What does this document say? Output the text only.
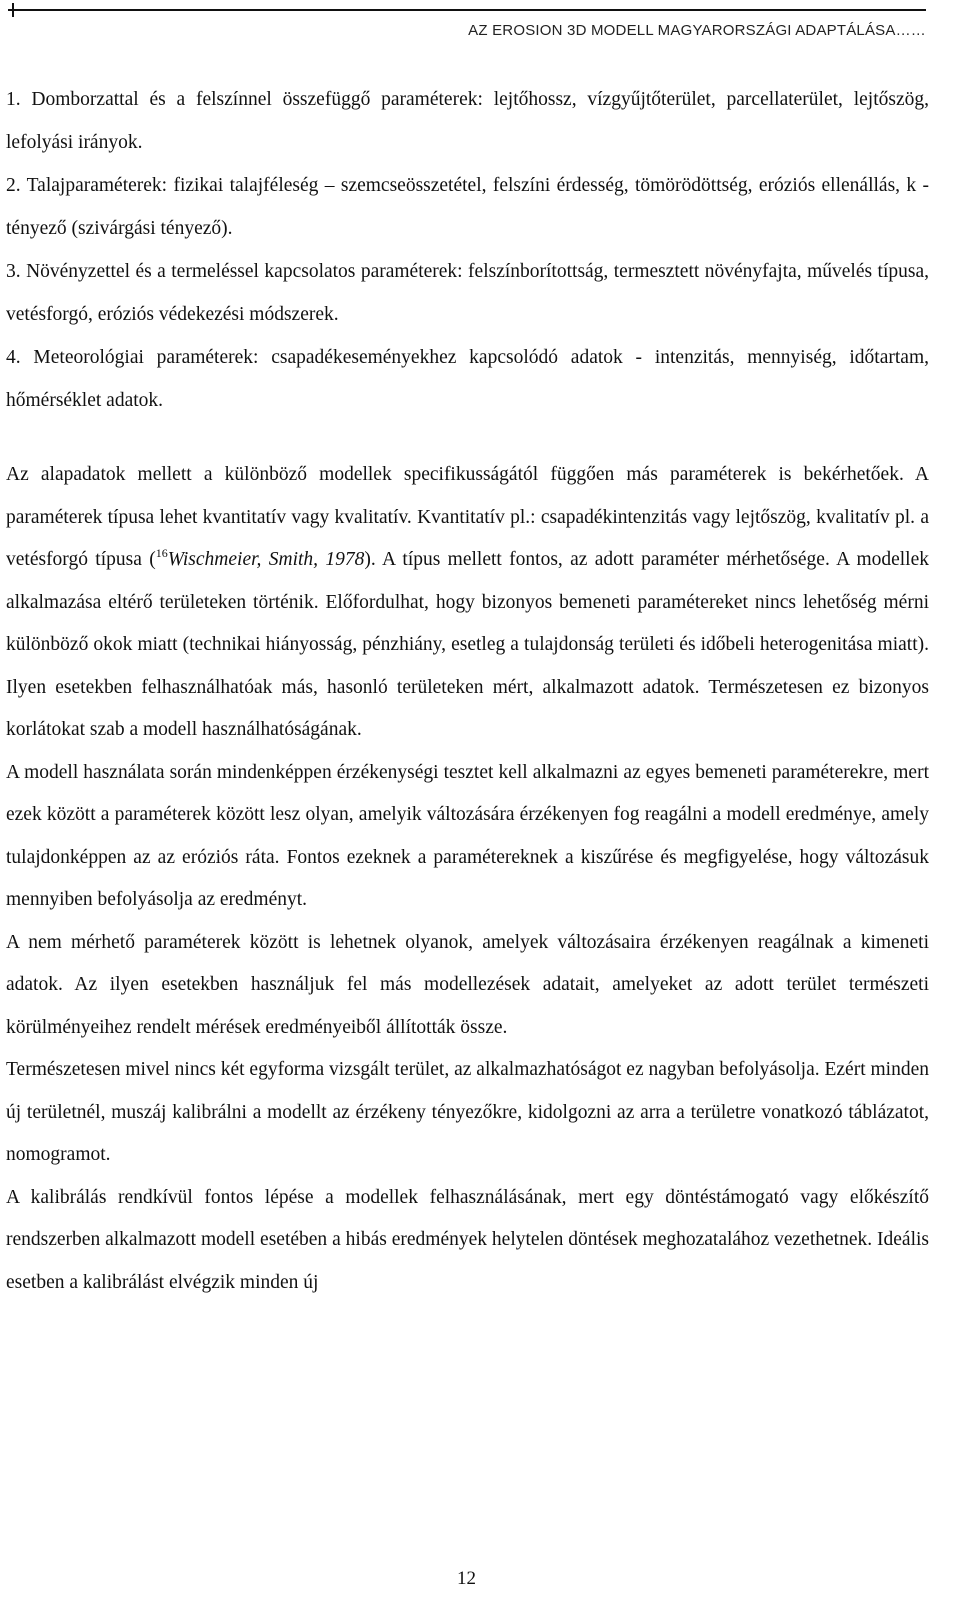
AZ EROSION 3D MODELL MAGYARORSZÁGI ADAPTÁLÁSA……

1. Domborzattal és a felszínnel összefüggő paraméterek: lejtőhossz, vízgyűjtőterület, parcellaterület, lejtőszög, lefolyási irányok.

2. Talajparaméterek: fizikai talajféleség – szemcseösszetétel, felszíni érdesség, tömörödöttség, eróziós ellenállás, k - tényező (szivárgási tényező).

3. Növényzettel és a termeléssel kapcsolatos paraméterek: felszínborítottság, termesztett növényfajta, művelés típusa, vetésforgó, eróziós védekezési módszerek.

4. Meteorológiai paraméterek: csapadékeseményekhez kapcsolódó adatok - intenzitás, mennyiség, időtartam, hőmérséklet adatok.

Az alapadatok mellett a különböző modellek specifikusságától függően más paraméterek is bekérhetőek. A paraméterek típusa lehet kvantitatív vagy kvalitatív. Kvantitatív pl.: csapadékintenzitás vagy lejtőszög, kvalitatív pl. a vetésforgó típusa ($^{16}$Wischmeier, Smith, 1978). A típus mellett fontos, az adott paraméter mérhetősége. A modellek alkalmazása eltérő területeken történik. Előfordulhat, hogy bizonyos bemeneti paramétereket nincs lehetőség mérni különböző okok miatt (technikai hiányosság, pénzhiány, esetleg a tulajdonság területi és időbeli heterogenitása miatt). Ilyen esetekben felhasználhatóak más, hasonló területeken mért, alkalmazott adatok. Természetesen ez bizonyos korlátokat szab a modell használhatóságának.

A modell használata során mindenképpen érzékenységi tesztet kell alkalmazni az egyes bemeneti paraméterekre, mert ezek között a paraméterek között lesz olyan, amelyik változására érzékenyen fog reagálni a modell eredménye, amely tulajdonképpen az az eróziós ráta. Fontos ezeknek a paramétereknek a kiszűrése és megfigyelése, hogy változásuk mennyiben befolyásolja az eredményt.

A nem mérhető paraméterek között is lehetnek olyanok, amelyek változásaira érzékenyen reagálnak a kimeneti adatok. Az ilyen esetekben használjuk fel más modellezések adatait, amelyeket az adott terület természeti körülményeihez rendelt mérések eredményeiből állították össze.

Természetesen mivel nincs két egyforma vizsgált terület, az alkalmazhatóságot ez nagyban befolyásolja. Ezért minden új területnél, muszáj kalibrálni a modellt az érzékeny tényezőkre, kidolgozni az arra a területre vonatkozó táblázatot, nomogramot.

A kalibrálás rendkívül fontos lépése a modellek felhasználásának, mert egy döntéstámogató vagy előkészítő rendszerben alkalmazott modell esetében a hibás eredmények helytelen döntések meghozatalához vezethetnek. Ideális esetben a kalibrálást elvégzik minden új

12
